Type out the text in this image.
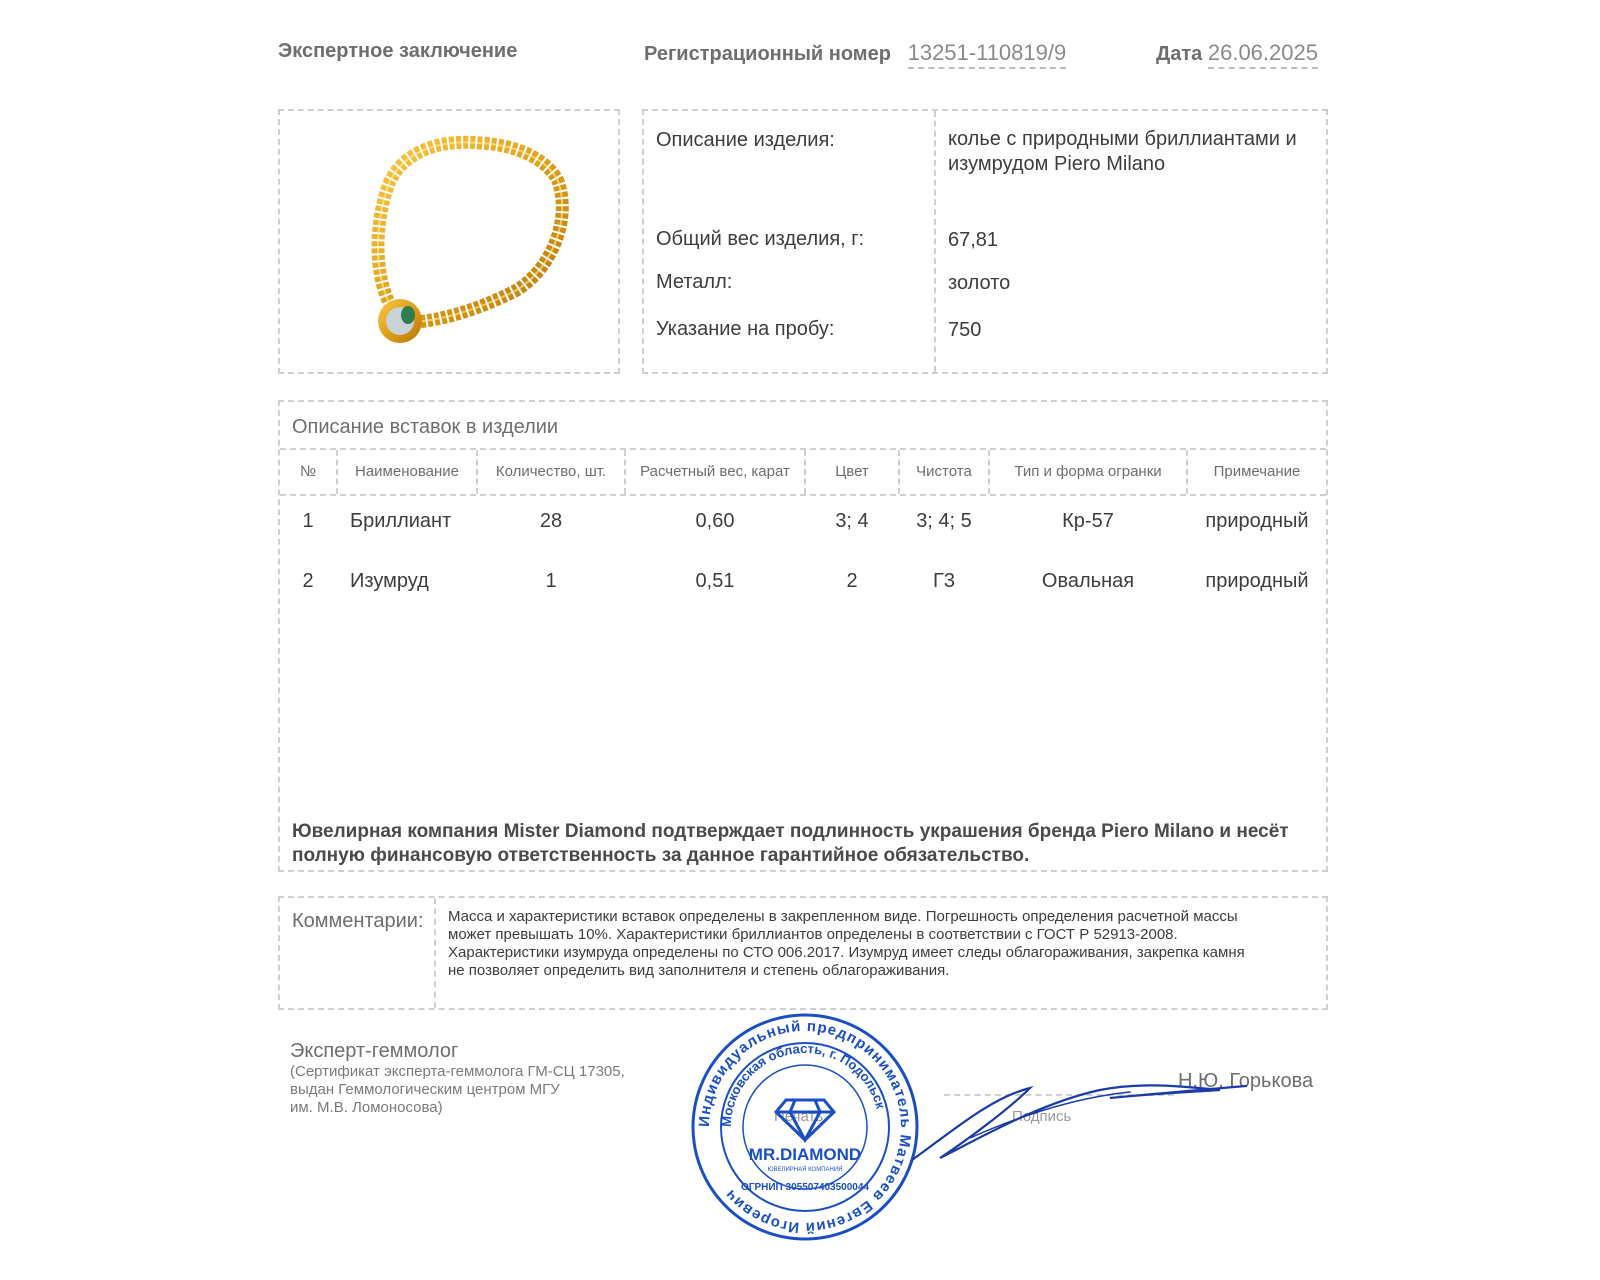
Экспертное заключение	Регистрационный номер 13251-110819/9	Дата 26.06.2025
Описание изделия:	колье с природными бриллиантами и
изумрудом Piero Milano
Общий вес изделия, г:	67,81
Металл:	золото
Указание на пробу:	750
Описание вставок в изделии
№	Наименование	Количество, шт.	Расчетный вес, карат	Цвет	Чистота	Тип и форма огранки	Примечание
1	Бриллиант	28	0,60	3; 4	3; 4; 5	Кр-57	природный
2	Изумруд	1	0,51	2	Г3	Овальная	природный
Ювелирная компания Mister Diamond подтверждает подлинность украшения бренда Piero Milano и несёт
полную финансовую ответственность за данное гарантийное обязательство.
Комментарии: Масса и характеристики вставок определены в закрепленном виде. Погрешность определения расчетной массы
может превышать 10%. Характеристики бриллиантов определены в соответствии с ГОСТ Р 52913-2008.
Характеристики изумруда определены по СТО 006.2017. Изумруд имеет следы облагораживания, закрепка камня
не позволяет определить вид заполнителя и степень облагораживания.
Эксперт-геммолог
(Сертификат эксперта-геммолога ГМ-СЦ 17305,
выдан Геммологическим центром МГУ
им. М.В. Ломоносова)
Печать	Подпись
Н.Ю. Горькова
Индивидуальный предприниматель Матвеев Евгений Игоревич
Московская область, г. Подольск
MR.DIAMOND
ЮВЕЛИРНАЯ КОМПАНИЯ
ОГРНИП 305507403500044
